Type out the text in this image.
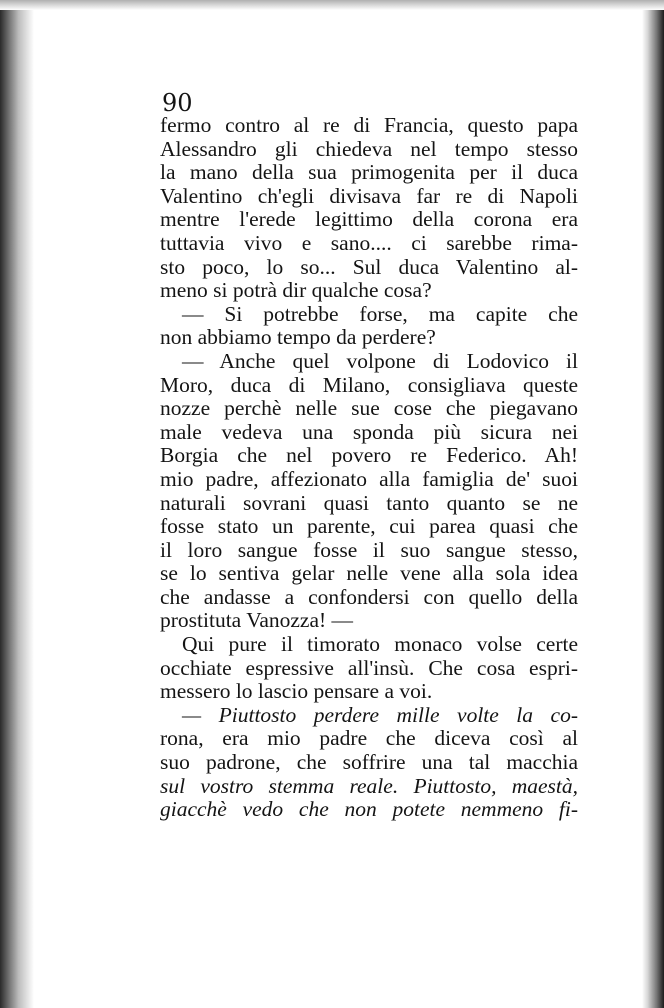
90
fermo contro al re di Francia, questo papa
Alessandro gli chiedeva nel tempo stesso
la mano della sua primogenita per il duca
Valentino ch'egli divisava far re di Napoli
mentre l'erede legittimo della corona era
tuttavia vivo e sano.... ci sarebbe rima-
sto poco, lo so... Sul duca Valentino al-
meno si potrà dir qualche cosa?
— Si potrebbe forse, ma capite che
non abbiamo tempo da perdere?
— Anche quel volpone di Lodovico il
Moro, duca di Milano, consigliava queste
nozze perchè nelle sue cose che piegavano
male vedeva una sponda più sicura nei
Borgia che nel povero re Federico. Ah!
mio padre, affezionato alla famiglia de' suoi
naturali sovrani quasi tanto quanto se ne
fosse stato un parente, cui parea quasi che
il loro sangue fosse il suo sangue stesso,
se lo sentiva gelar nelle vene alla sola idea
che andasse a confondersi con quello della
prostituta Vanozza! —
Qui pure il timorato monaco volse certe
occhiate espressive all'insù. Che cosa espri-
messero lo lascio pensare a voi.
— Piuttosto perdere mille volte la co-
rona, era mio padre che diceva così al
suo padrone, che soffrire una tal macchia
sul vostro stemma reale. Piuttosto, maestà,
giacchè vedo che non potete nemmeno fi-
